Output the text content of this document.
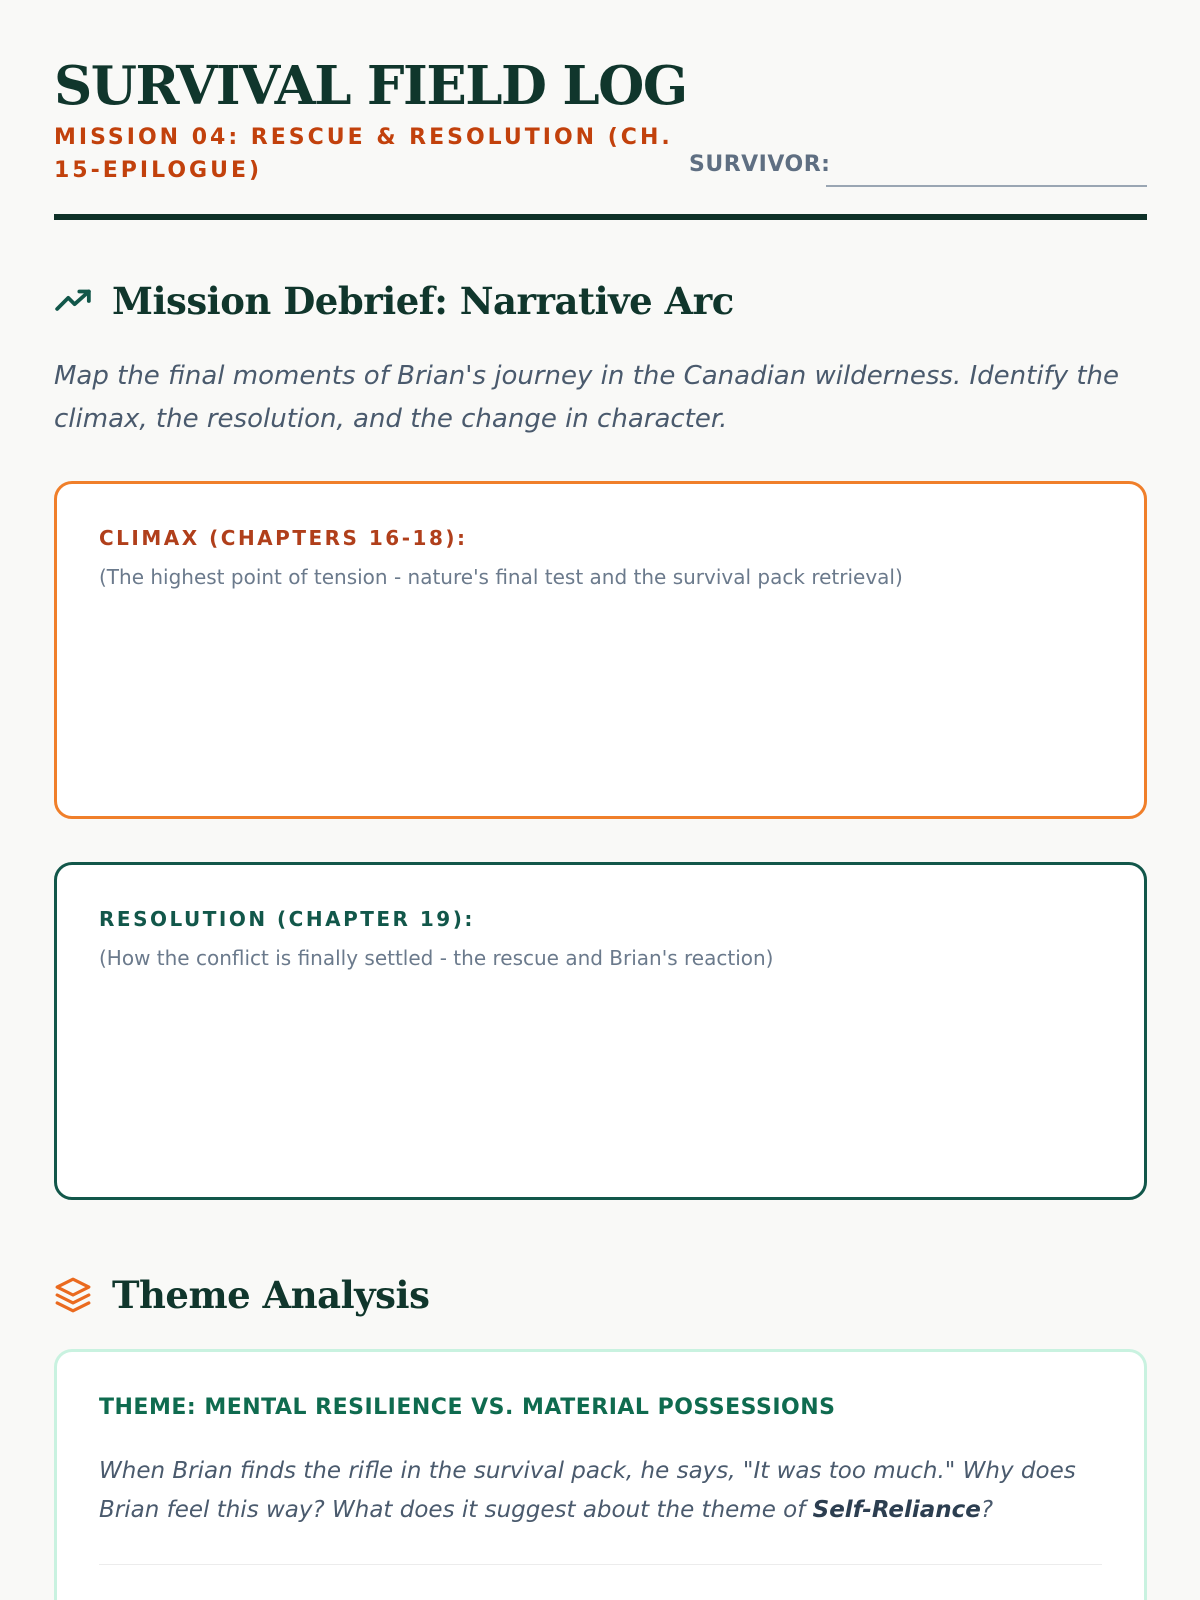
SURVIVAL FIELD LOG
MISSION 04: RESCUE & RESOLUTION (CH. 15-EPILOGUE)	SURVIVOR:
Mission Debrief: Narrative Arc

Map the final moments of Brian's journey in the Canadian wilderness. Identify the climax, the resolution, and the change in character.

CLIMAX (CHAPTERS 16-18):
(The highest point of tension - nature's final test and the survival pack retrieval)
RESOLUTION (CHAPTER 19):
(How the conflict is finally settled - the rescue and Brian's reaction)
Theme Analysis
THEME: MENTAL RESILIENCE VS. MATERIAL POSSESSIONS

When Brian finds the rifle in the survival pack, he says, "It was too much." Why does Brian feel this way? What does it suggest about the theme of Self-Reliance?
